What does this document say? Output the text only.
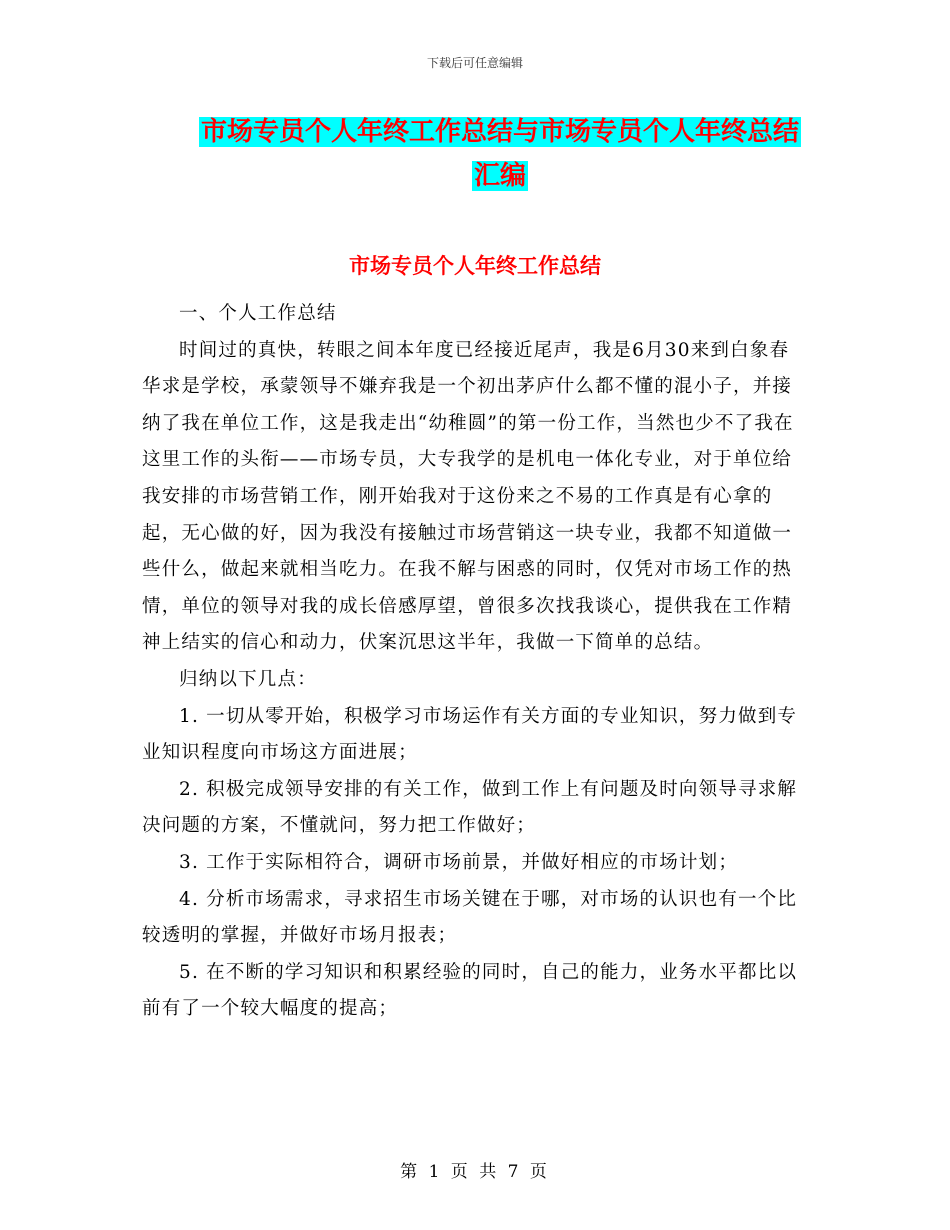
下载后可任意编辑
市场专员个人年终工作总结与市场专员个人年终总结
汇编
市场专员个人年终工作总结

一、个人工作总结

时间过的真快，转眼之间本年度已经接近尾声，我是6月30来到白象春华求是学校，承蒙领导不嫌弃我是一个初出茅庐什么都不懂的混小子，并接纳了我在单位工作，这是我走出“幼稚圆”的第一份工作，当然也少不了我在这里工作的头衔——市场专员，大专我学的是机电一体化专业，对于单位给我安排的市场营销工作，刚开始我对于这份来之不易的工作真是有心拿的起，无心做的好，因为我没有接触过市场营销这一块专业，我都不知道做一些什么，做起来就相当吃力。在我不解与困惑的同时，仅凭对市场工作的热情，单位的领导对我的成长倍感厚望，曾很多次找我谈心，提供我在工作精神上结实的信心和动力，伏案沉思这半年，我做一下简单的总结。

归纳以下几点：

1. 一切从零开始，积极学习市场运作有关方面的专业知识，努力做到专业知识程度向市场这方面进展；

2. 积极完成领导安排的有关工作，做到工作上有问题及时向领导寻求解决问题的方案，不懂就问，努力把工作做好；

3. 工作于实际相符合，调研市场前景，并做好相应的市场计划；

4. 分析市场需求，寻求招生市场关键在于哪，对市场的认识也有一个比较透明的掌握，并做好市场月报表；

5. 在不断的学习知识和积累经验的同时，自己的能力，业务水平都比以前有了一个较大幅度的提高；

第 1 页 共 7 页
